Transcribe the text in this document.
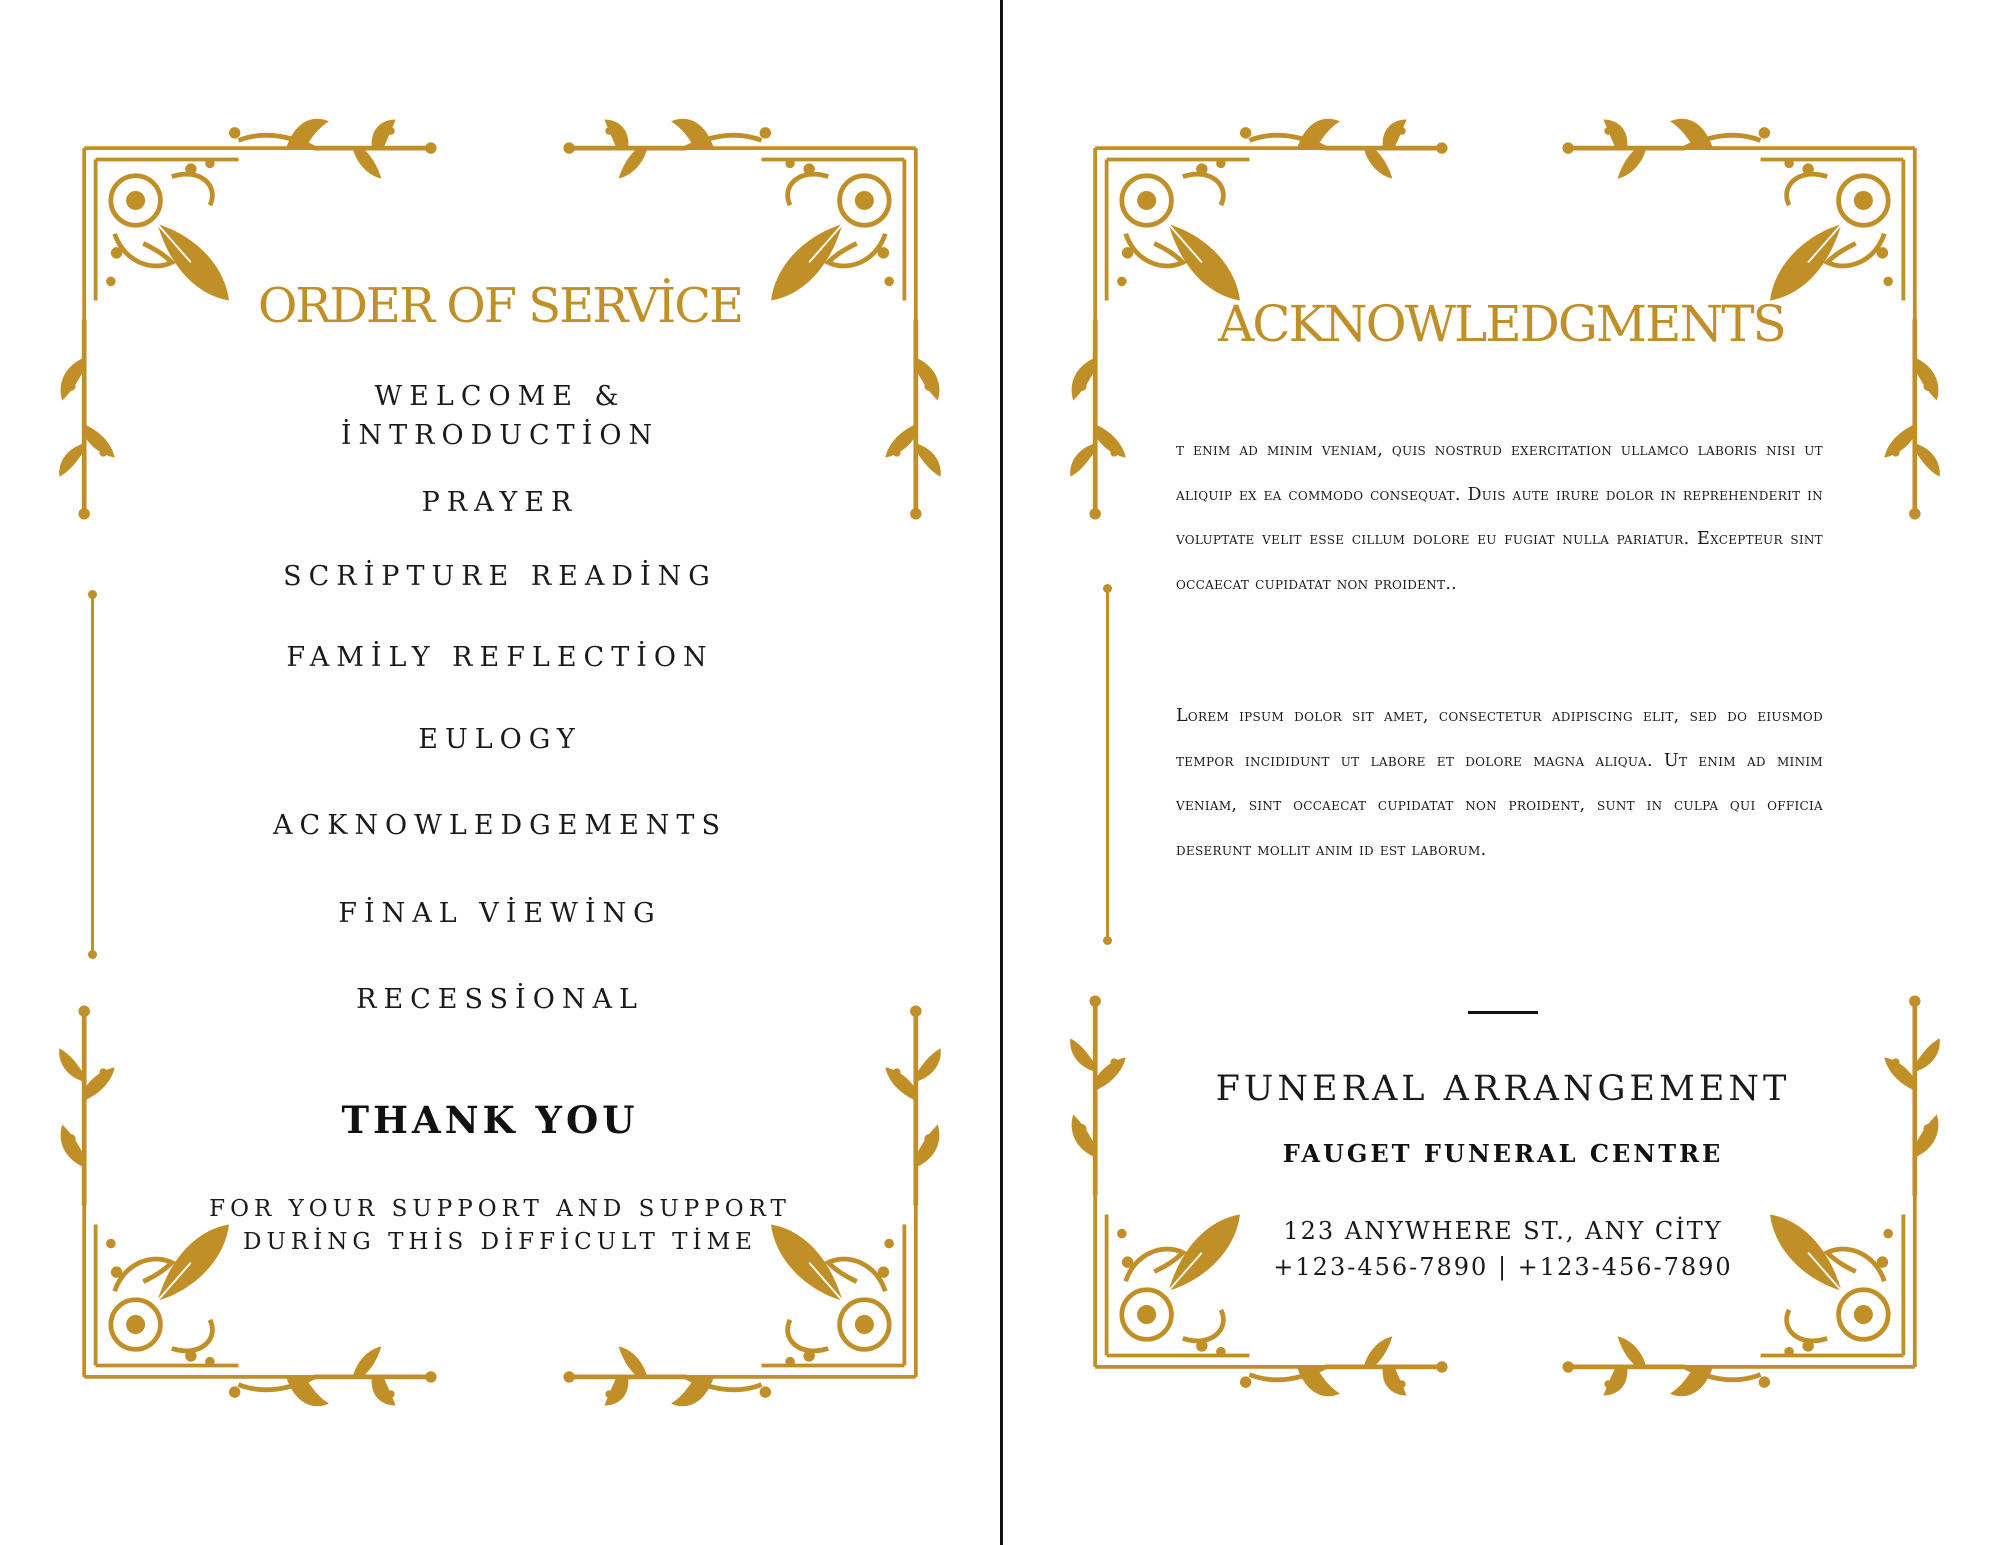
ORDER OF SERVİCE
WELCOME &
İNTRODUCTİON
PRAYER
SCRİPTURE READİNG
FAMİLY REFLECTİON
EULOGY
ACKNOWLEDGEMENTS
FİNAL VİEWİNG
RECESSİONAL
THANK YOU
FOR YOUR SUPPORT AND SUPPORT
DURİNG THİS DİFFİCULT TİME
ACKNOWLEDGMENTS
t enim ad minim veniam, quis nostrud exercitation ullamco laboris nisi ut aliquip ex ea commodo consequat. Duis aute irure dolor in reprehenderit in voluptate velit esse cillum dolore eu fugiat nulla pariatur. Excepteur sint occaecat cupidatat non proident..
Lorem ipsum dolor sit amet, consectetur adipiscing elit, sed do eiusmod tempor incididunt ut labore et dolore magna aliqua. Ut enim ad minim veniam, sint occaecat cupidatat non proident, sunt in culpa qui officia deserunt mollit anim id est laborum.
FUNERAL ARRANGEMENT
FAUGET FUNERAL CENTRE
123 ANYWHERE ST., ANY CİTY
+123-456-7890 | +123-456-7890
